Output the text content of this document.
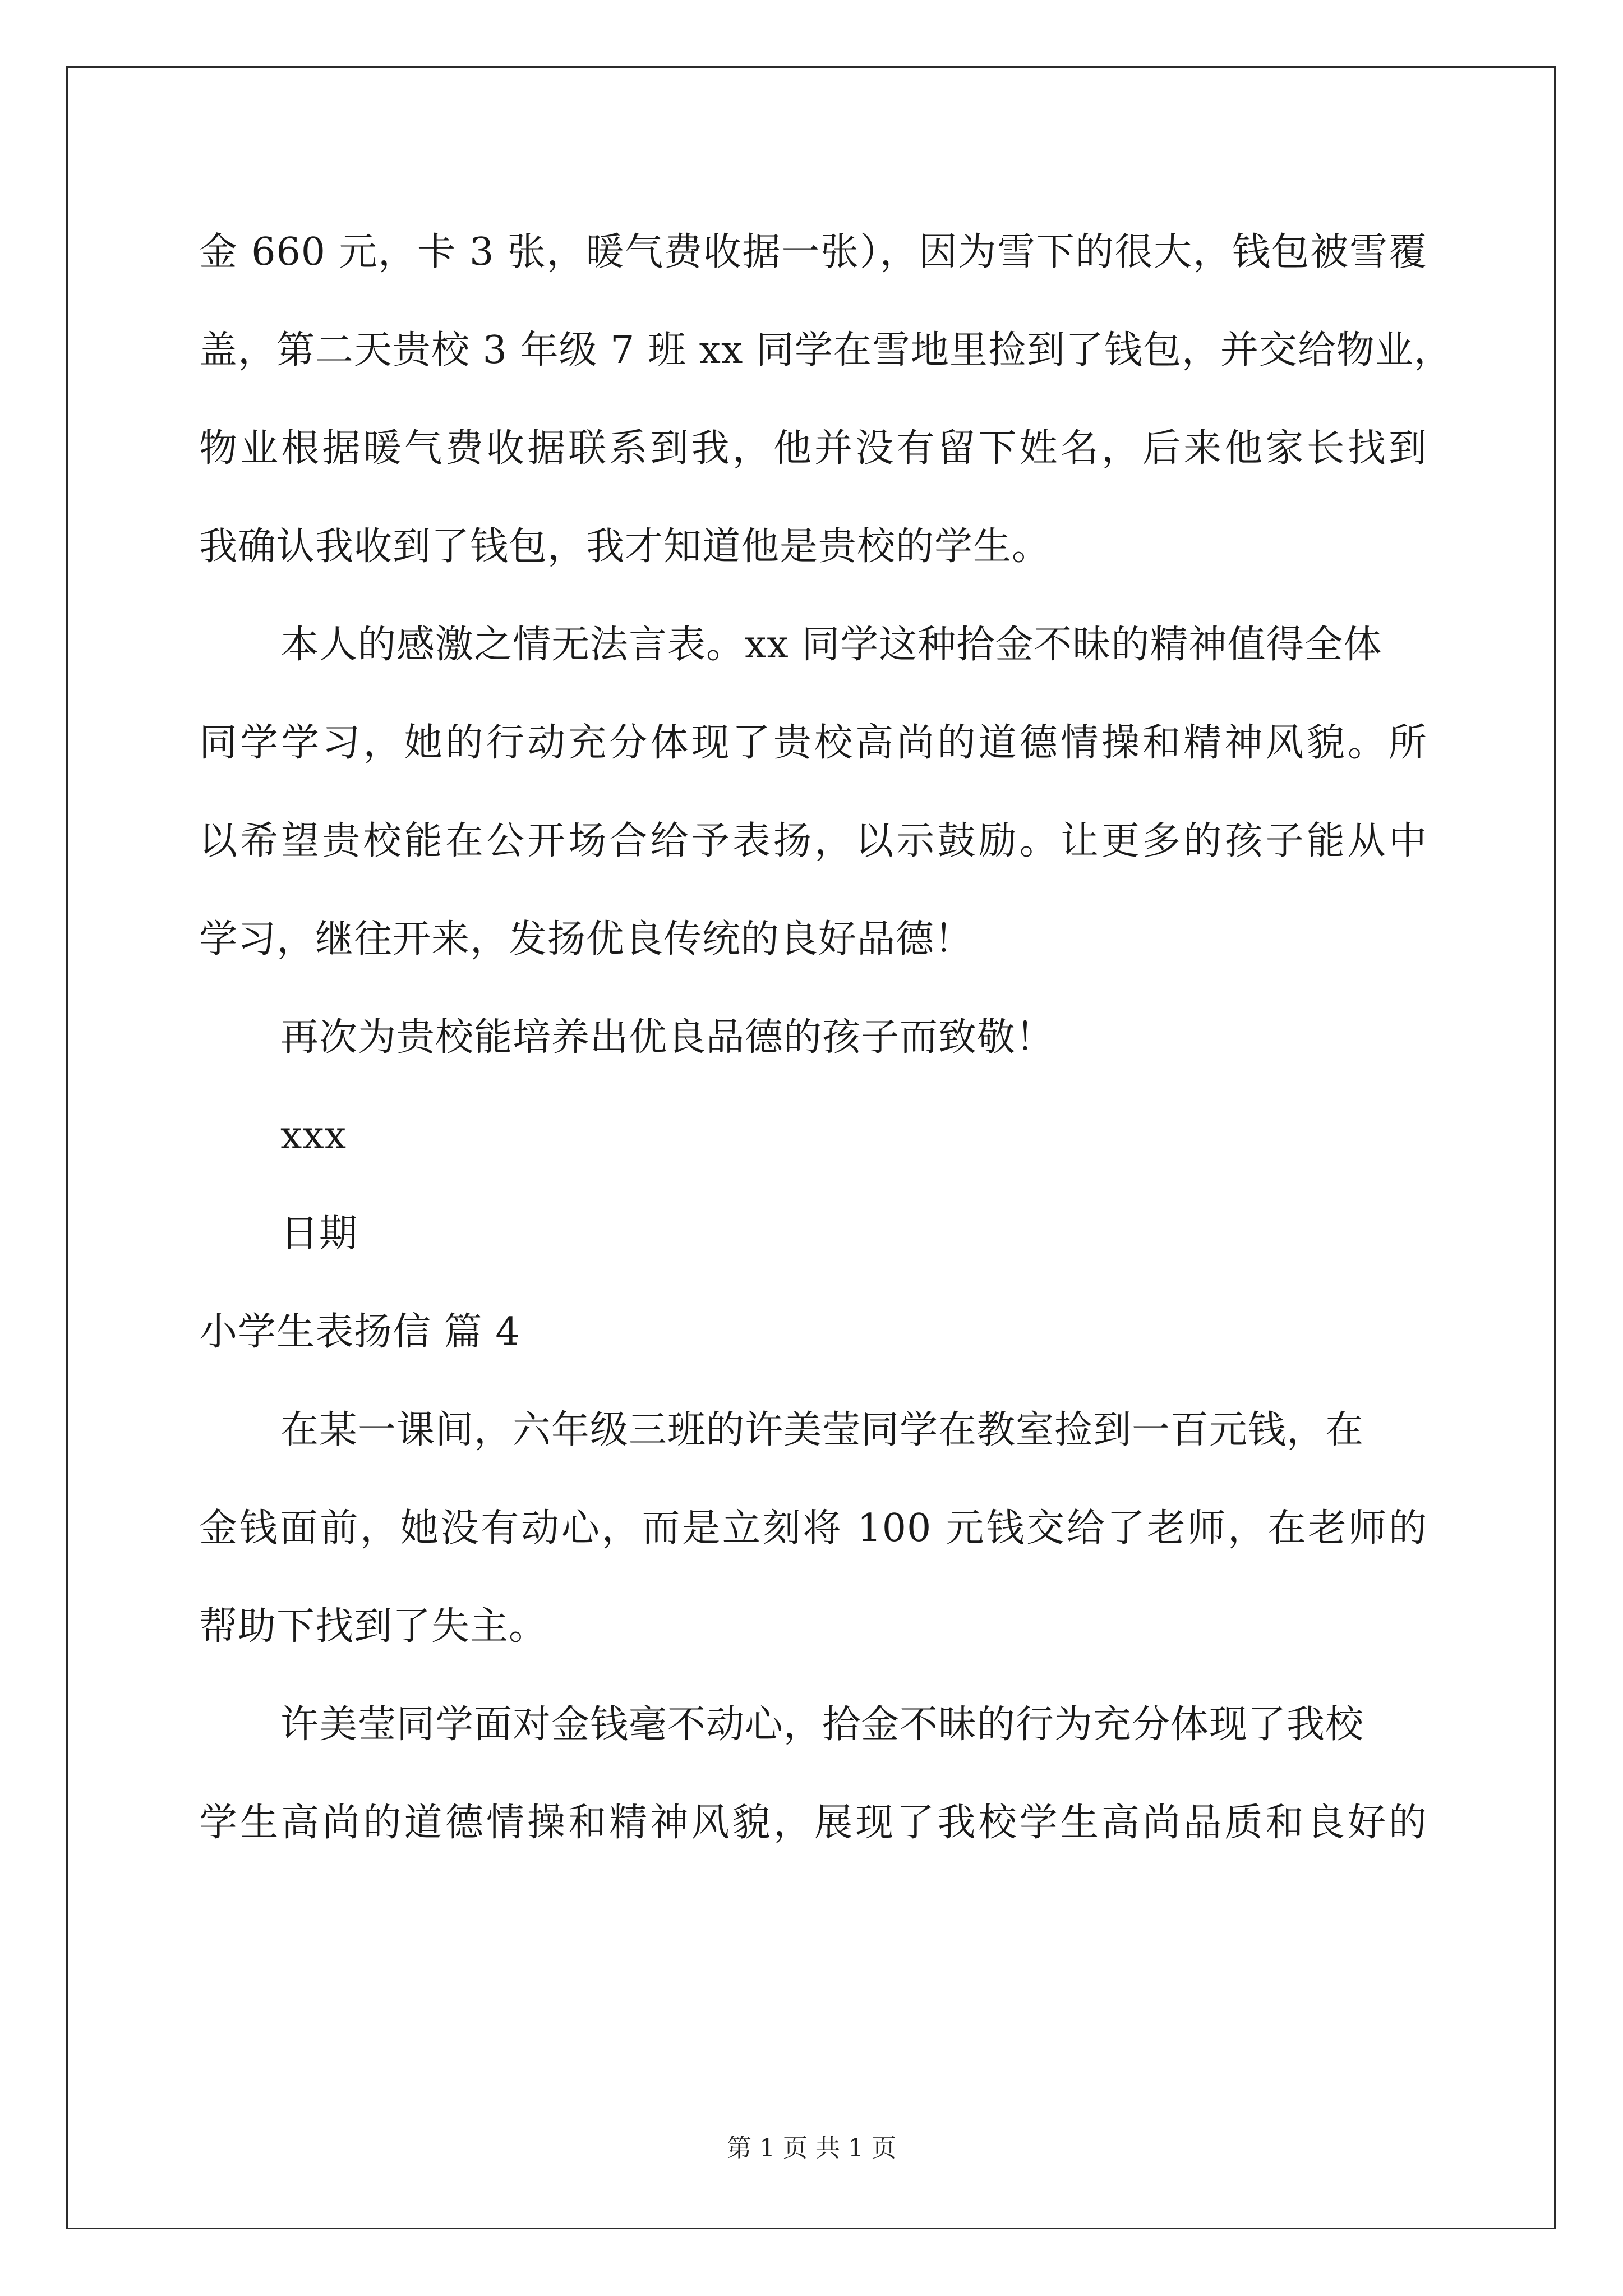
金 660 元，卡 3 张，暖气费收据一张），因为雪下的很大，钱包被雪覆
盖，第二天贵校 3 年级 7 班 xx 同学在雪地里捡到了钱包，并交给物业，
物业根据暖气费收据联系到我，他并没有留下姓名，后来他家长找到
我确认我收到了钱包，我才知道他是贵校的学生。
本人的感激之情无法言表。xx 同学这种拾金不昧的精神值得全体
同学学习，她的行动充分体现了贵校高尚的道德情操和精神风貌。所
以希望贵校能在公开场合给予表扬，以示鼓励。让更多的孩子能从中
学习，继往开来，发扬优良传统的良好品德！
再次为贵校能培养出优良品德的孩子而致敬！
xxx
日期
小学生表扬信 篇 4
在某一课间，六年级三班的许美莹同学在教室捡到一百元钱，在
金钱面前，她没有动心，而是立刻将 100 元钱交给了老师，在老师的
帮助下找到了失主。
许美莹同学面对金钱毫不动心，拾金不昧的行为充分体现了我校
学生高尚的道德情操和精神风貌，展现了我校学生高尚品质和良好的
第 1 页 共 1 页
